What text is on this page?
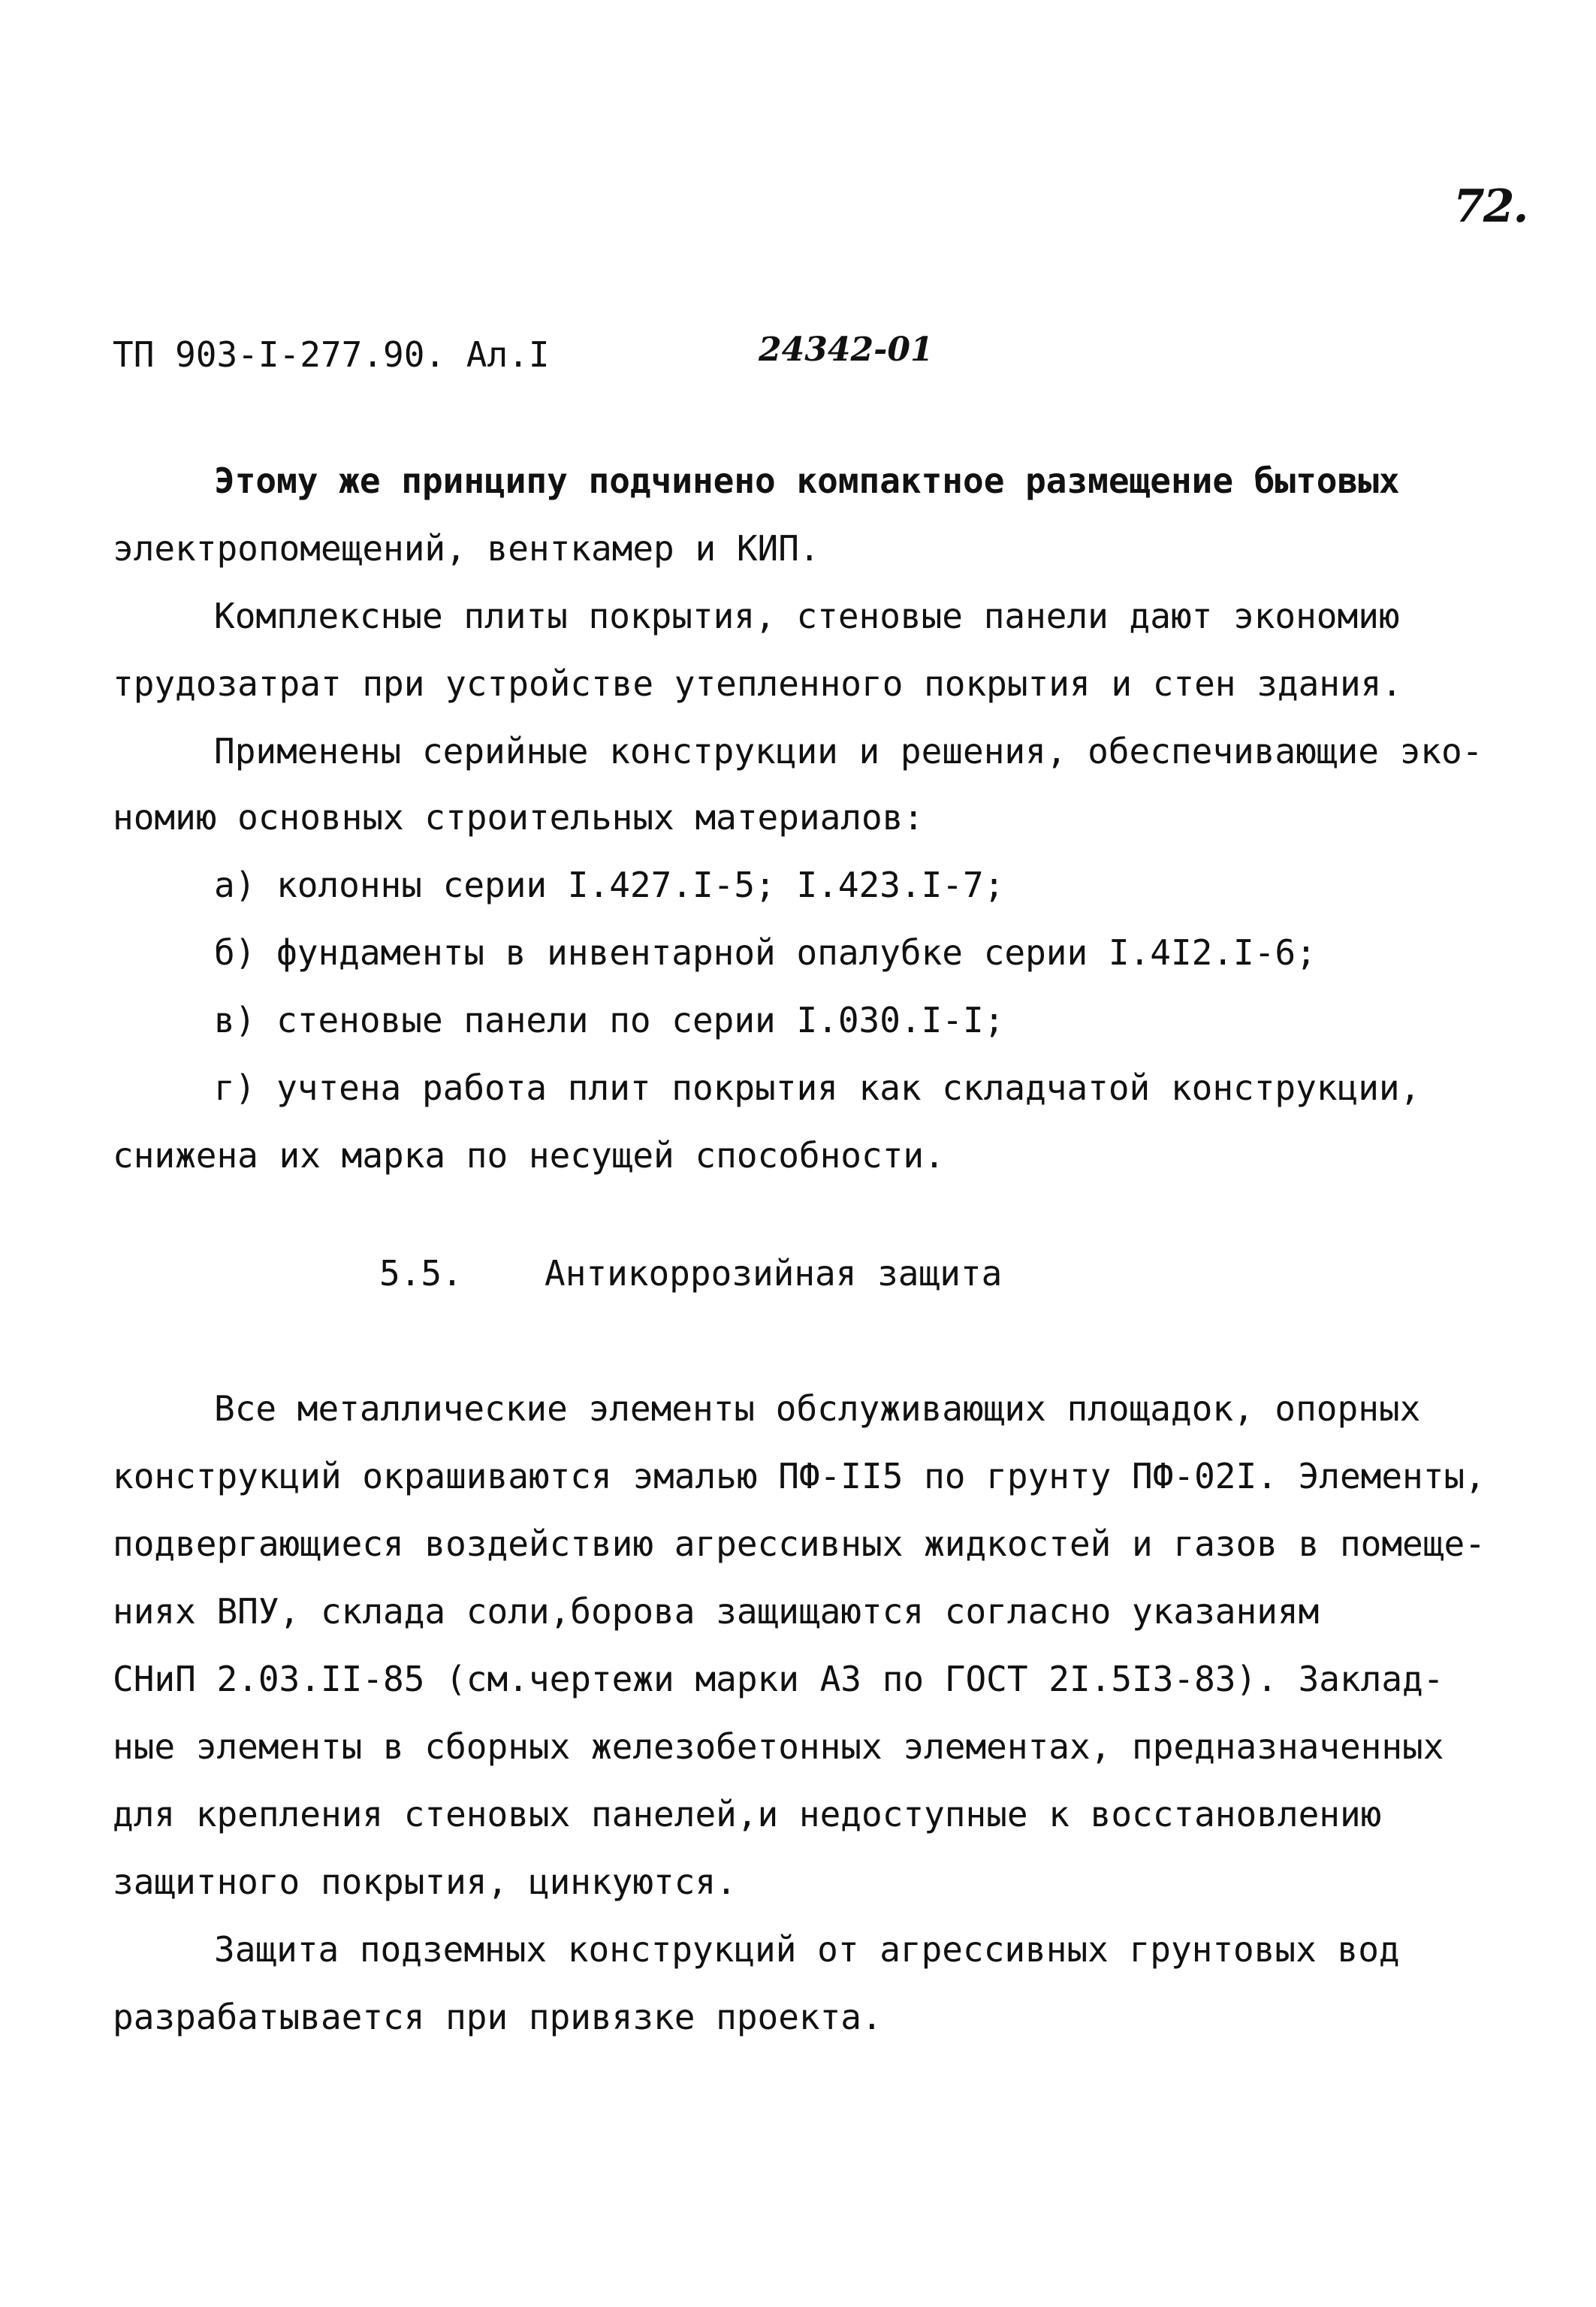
72.
ТП 903-I-277.90. Ал.I	24342-01
Этому же принципу подчинено компактное размещение бытовых
электропомещений, венткамер и КИП.
Комплексные плиты покрытия, стеновые панели дают экономию
трудозатрат при устройстве утепленного покрытия и стен здания.
Применены серийные конструкции и решения, обеспечивающие эко-
номию основных строительных материалов:
а) колонны серии I.427.I-5; I.423.I-7;
б) фундаменты в инвентарной опалубке серии I.4I2.I-6;
в) стеновые панели по серии I.030.I-I;
г) учтена работа плит покрытия как складчатой конструкции,
снижена их марка по несущей способности.
5.5. Антикоррозийная защита
Все металлические элементы обслуживающих площадок, опорных
конструкций окрашиваются эмалью ПФ-II5 по грунту ПФ-02I. Элементы,
подвергающиеся воздействию агрессивных жидкостей и газов в помеще-
ниях ВПУ, склада соли,борова защищаются согласно указаниям
СНиП 2.03.II-85 (см.чертежи марки АЗ по ГОСТ 2I.5I3-83). Заклад-
ные элементы в сборных железобетонных элементах, предназначенных
для крепления стеновых панелей,и недоступные к восстановлению
защитного покрытия, цинкуются.
Защита подземных конструкций от агрессивных грунтовых вод
разрабатывается при привязке проекта.
